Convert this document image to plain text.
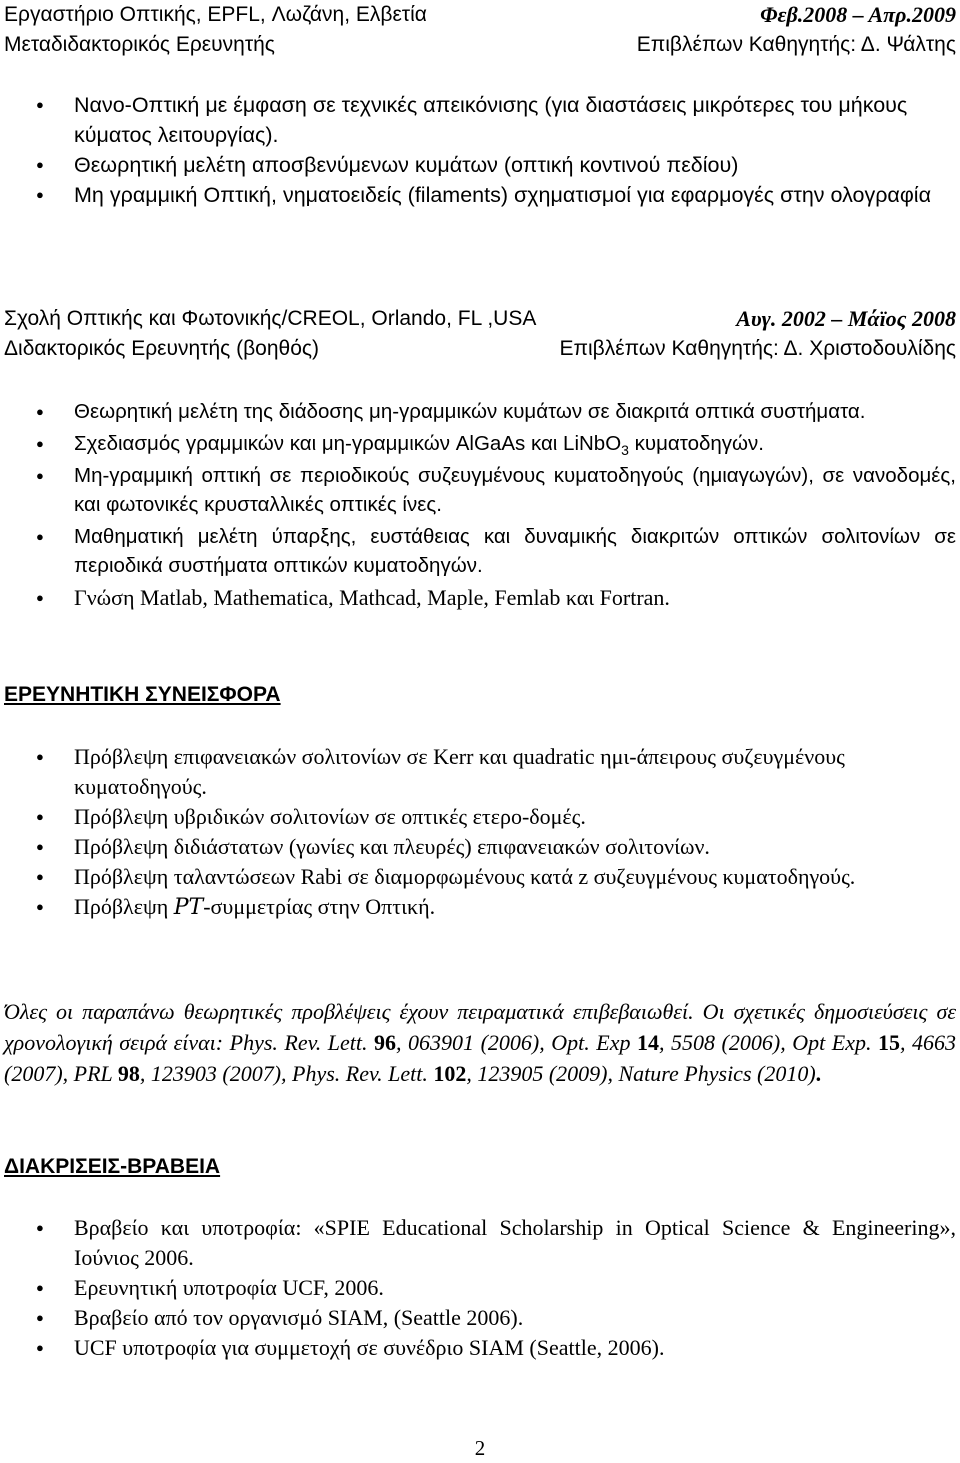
Εργαστήριο Οπτικής, EPFL, Λωζάνη, Ελβετία	Φεβ.2008 – Απρ.2009
Μεταδιδακτορικός Ερευνητής	Επιβλέπων Καθηγητής: Δ. Ψάλτης
● Νανο-Οπτική με έμφαση σε τεχνικές απεικόνισης (για διαστάσεις μικρότερες του μήκους κύματος λειτουργίας).
● Θεωρητική μελέτη αποσβενύμενων κυμάτων (οπτική κοντινού πεδίου)
● Μη γραμμική Οπτική, νηματοειδείς (filaments) σχηματισμοί για εφαρμογές στην ολογραφία
Σχολή Οπτικής και Φωτονικής/CREOL, Orlando, FL ,USA	Αυγ. 2002 – Μάϊος 2008
Διδακτορικός Ερευνητής (βοηθός)	Επιβλέπων Καθηγητής: Δ. Χριστοδουλίδης
● Θεωρητική μελέτη της διάδοσης μη-γραμμικών κυμάτων σε διακριτά οπτικά συστήματα.
● Σχεδιασμός γραμμικών και μη-γραμμικών AlGaAs και LiNbO$_3$ κυματοδηγών.
● Μη-γραμμική οπτική σε περιοδικούς συζευγμένους κυματοδηγούς (ημιαγωγών), σε νανοδομές, και φωτονικές κρυσταλλικές οπτικές ίνες.
● Μαθηματική μελέτη ύπαρξης, ευστάθειας και δυναμικής διακριτών οπτικών σολιτονίων σε περιοδικά συστήματα οπτικών κυματοδηγών.
● Γνώση Matlab, Mathematica, Mathcad, Maple, Femlab και Fortran.
ΕΡΕΥΝΗΤΙΚΗ ΣΥΝΕΙΣΦΟΡΑ
● Πρόβλεψη επιφανειακών σολιτονίων σε Kerr και quadratic ημι-άπειρους συζευγμένους κυματοδηγούς.
● Πρόβλεψη υβριδικών σολιτονίων σε οπτικές ετερο-δομές.
● Πρόβλεψη διδιάστατων (γωνίες και πλευρές) επιφανειακών σολιτονίων.
● Πρόβλεψη ταλαντώσεων Rabi σε διαμορφωμένους κατά z συζευγμένους κυματοδηγούς.
● Πρόβλεψη PT-συμμετρίας στην Οπτική.
Όλες οι παραπάνω θεωρητικές προβλέψεις έχουν πειραματικά επιβεβαιωθεί. Οι σχετικές δημοσιεύσεις σε χρονολογική σειρά είναι: Phys. Rev. Lett. 96, 063901 (2006), Opt. Exp 14, 5508 (2006), Opt Exp. 15, 4663 (2007), PRL 98, 123903 (2007), Phys. Rev. Lett. 102, 123905 (2009), Nature Physics (2010).
ΔΙΑΚΡΙΣΕΙΣ-ΒΡΑΒΕΙΑ
● Βραβείο και υποτροφία: «SPIE Educational Scholarship in Optical Science & Engineering», Ιούνιος 2006.
● Ερευνητική υποτροφία UCF, 2006.
● Βραβείο από τον οργανισμό SIAM, (Seattle 2006).
● UCF υποτροφία για συμμετοχή σε συνέδριο SIAM (Seattle, 2006).
2
